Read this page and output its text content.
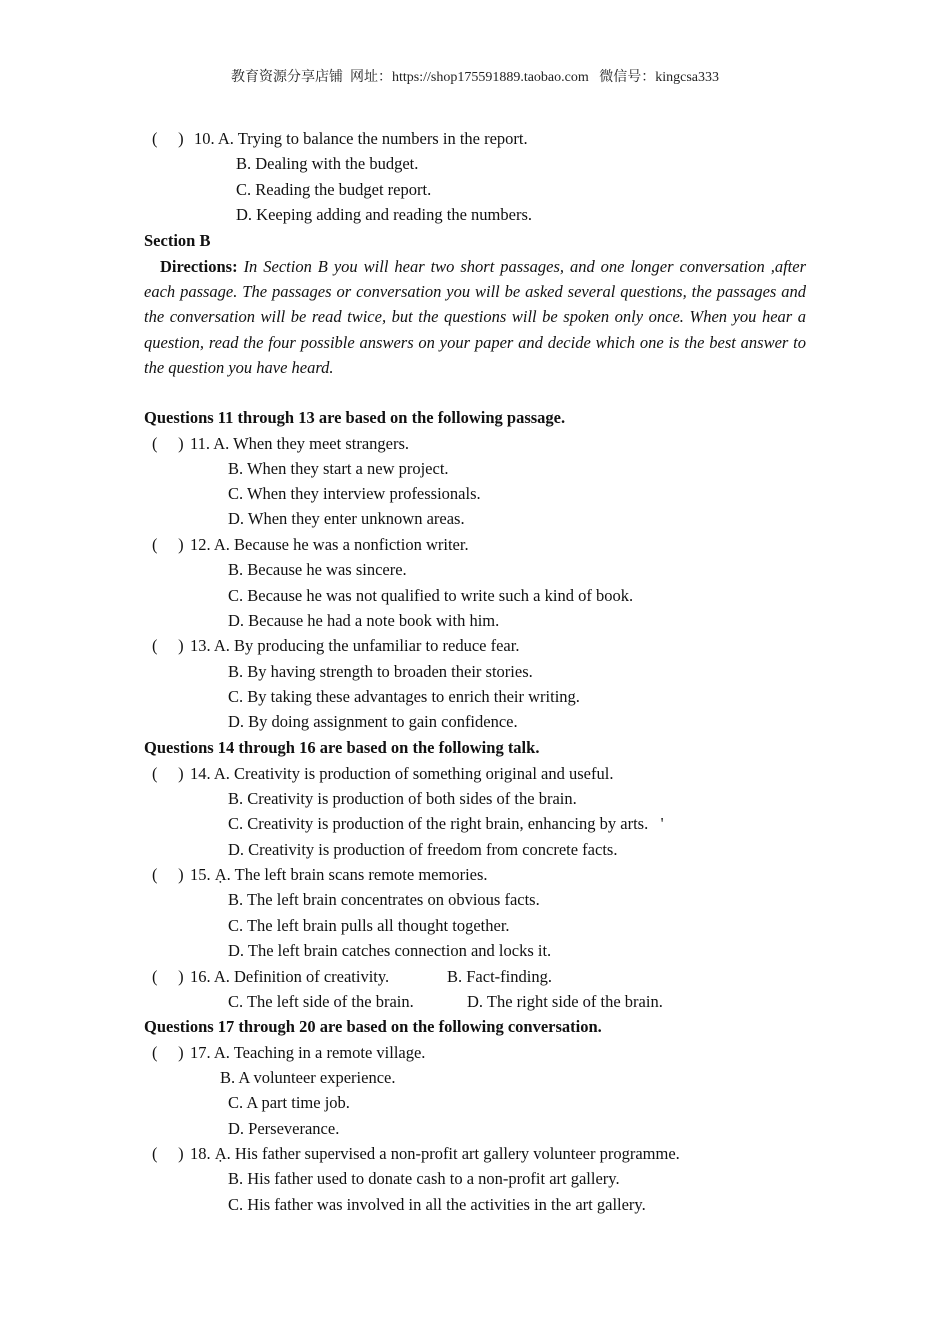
教育资源分享店铺 网址：https://shop175591889.taobao.com 微信号：kingcsa333
(     ) 10. A. Trying to balance the numbers in the report.
B. Dealing with the budget.
C. Reading the budget report.
D. Keeping adding and reading the numbers.
Section B
Directions: In Section B you will hear two short passages, and one longer conversation ,after each passage. The passages or conversation you will be asked several questions, the passages and the conversation will be read twice, but the questions will be spoken only once. When you hear a question, read the four possible answers on your paper and decide which one is the best answer to the question you have heard.
Questions 11 through 13 are based on the following passage.
(     ) 11. A. When they meet strangers.
B. When they start a new project.
C. When they interview professionals.
D. When they enter unknown areas.
(     ) 12. A. Because he was a nonfiction writer.
B. Because he was sincere.
C. Because he was not qualified to write such a kind of book.
D. Because he had a note book with him.
(     ) 13. A. By producing the unfamiliar to reduce fear.
B. By having strength to broaden their stories.
C. By taking these advantages to enrich their writing.
D. By doing assignment to gain confidence.
Questions 14 through 16 are based on the following talk.
(     ) 14. A. Creativity is production of something original and useful.
B. Creativity is production of both sides of the brain.
C. Creativity is production of the right brain, enhancing by arts.   '
D. Creativity is production of freedom from concrete facts.
(     ) 15. Ạ. The left brain scans remote memories.
B. The left brain concentrates on obvious facts.
C. The left brain pulls all thought together.
D. The left brain catches connection and locks it.
(     ) 16. A. Definition of creativity.	B. Fact-finding.
C. The left side of the brain.	D. The right side of the brain.
Questions 17 through 20 are based on the following conversation.
(     ) 17. A. Teaching in a remote village.
B. A volunteer experience.
C. A part time job.
D. Perseverance.
(     ) 18. Ạ. His father supervised a non-profit art gallery volunteer programme.
B. His father used to donate cash to a non-profit art gallery.
C. His father was involved in all the activities in the art gallery.
